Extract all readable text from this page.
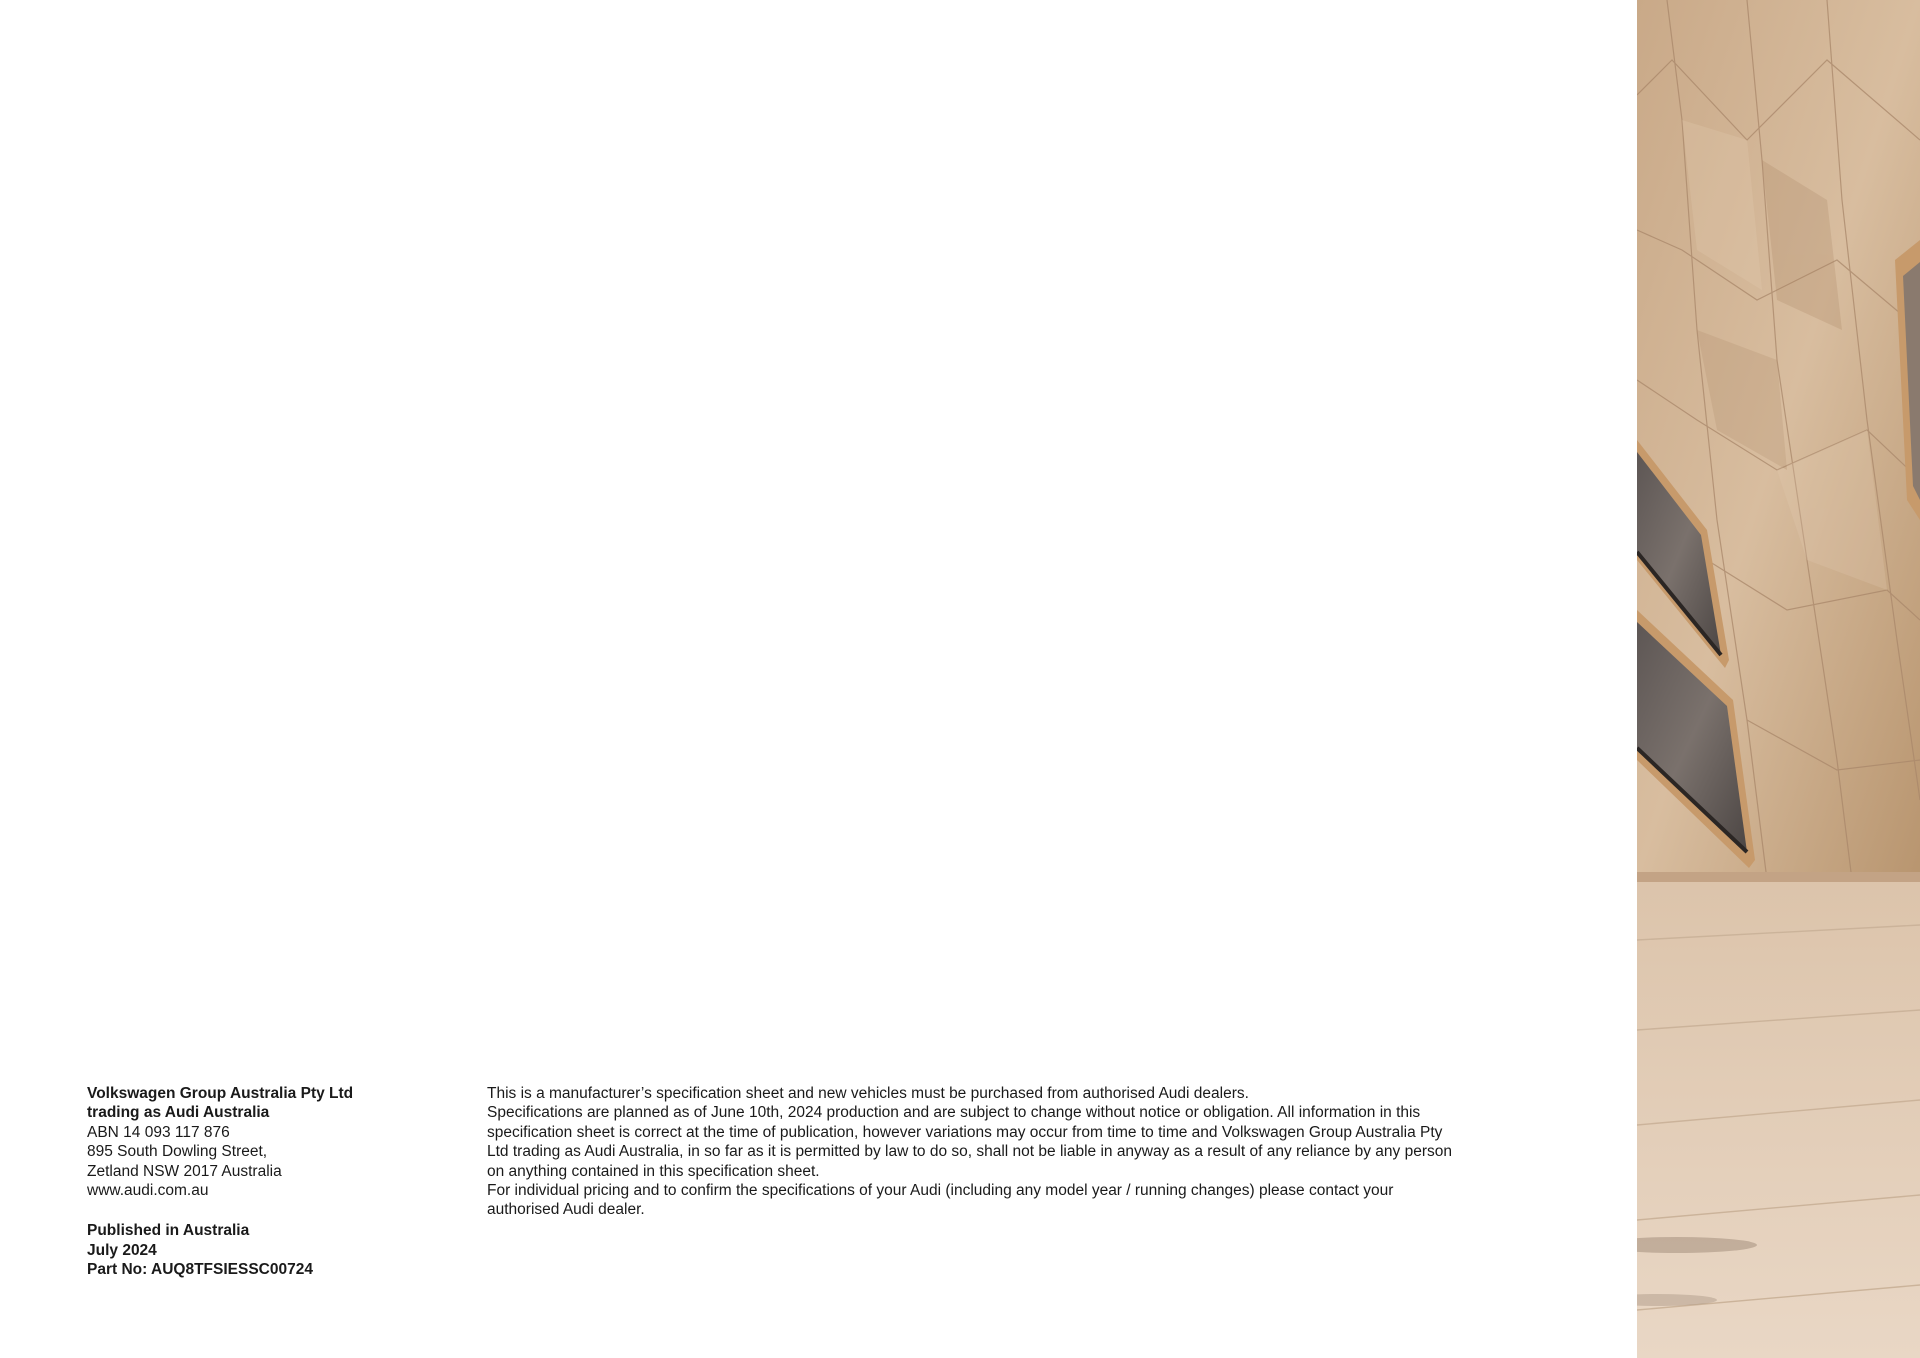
Volkswagen Group Australia Pty Ltd
trading as Audi Australia
ABN 14 093 117 876
895 South Dowling Street,
Zetland NSW 2017 Australia
www.audi.com.au
Published in Australia
July 2024
Part No: AUQ8TFSIESSC00724

This is a manufacturer’s specification sheet and new vehicles must be purchased from authorised Audi dealers.

Specifications are planned as of June 10th, 2024 production and are subject to change without notice or obligation. All information in this specification sheet is correct at the time of publication, however variations may occur from time to time and Volkswagen Group Australia Pty Ltd trading as Audi Australia, in so far as it is permitted by law to do so, shall not be liable in anyway as a result of any reliance by any person on anything contained in this specification sheet.

For individual pricing and to confirm the specifications of your Audi (including any model year / running changes) please contact your authorised Audi dealer.
